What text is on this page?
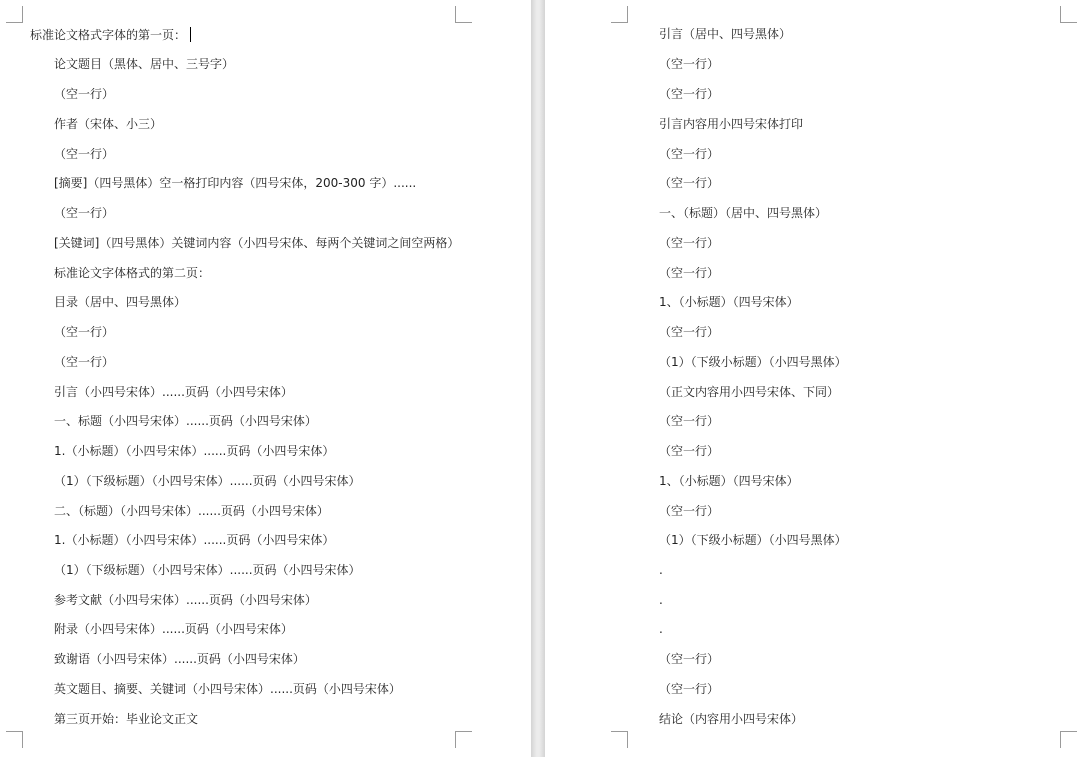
标准论文格式字体的第一页：
论文题目（黑体、居中、三号字）
（空一行）
作者（宋体、小三）
（空一行）
[摘要]（四号黑体）空一格打印内容（四号宋体，200-300 字）......
（空一行）
[关键词]（四号黑体）关键词内容（小四号宋体、每两个关键词之间空两格）
标准论文字体格式的第二页：
目录（居中、四号黑体）
（空一行）
（空一行）
引言（小四号宋体）......页码（小四号宋体）
一、标题（小四号宋体）......页码（小四号宋体）
1.（小标题）（小四号宋体）......页码（小四号宋体）
（1）（下级标题）（小四号宋体）......页码（小四号宋体）
二、（标题）（小四号宋体）......页码（小四号宋体）
1.（小标题）（小四号宋体）......页码（小四号宋体）
（1）（下级标题）（小四号宋体）......页码（小四号宋体）
参考文献（小四号宋体）......页码（小四号宋体）
附录（小四号宋体）......页码（小四号宋体）
致谢语（小四号宋体）......页码（小四号宋体）
英文题目、摘要、关键词（小四号宋体）......页码（小四号宋体）
第三页开始：毕业论文正文
引言（居中、四号黑体）
（空一行）
（空一行）
引言内容用小四号宋体打印
（空一行）
（空一行）
一、（标题）（居中、四号黑体）
（空一行）
（空一行）
1、（小标题）（四号宋体）
（空一行）
（1）（下级小标题）（小四号黑体）
（正文内容用小四号宋体、下同）
（空一行）
（空一行）
1、（小标题）（四号宋体）
（空一行）
（1）（下级小标题）（小四号黑体）
.
.
.
（空一行）
（空一行）
结论（内容用小四号宋体）
